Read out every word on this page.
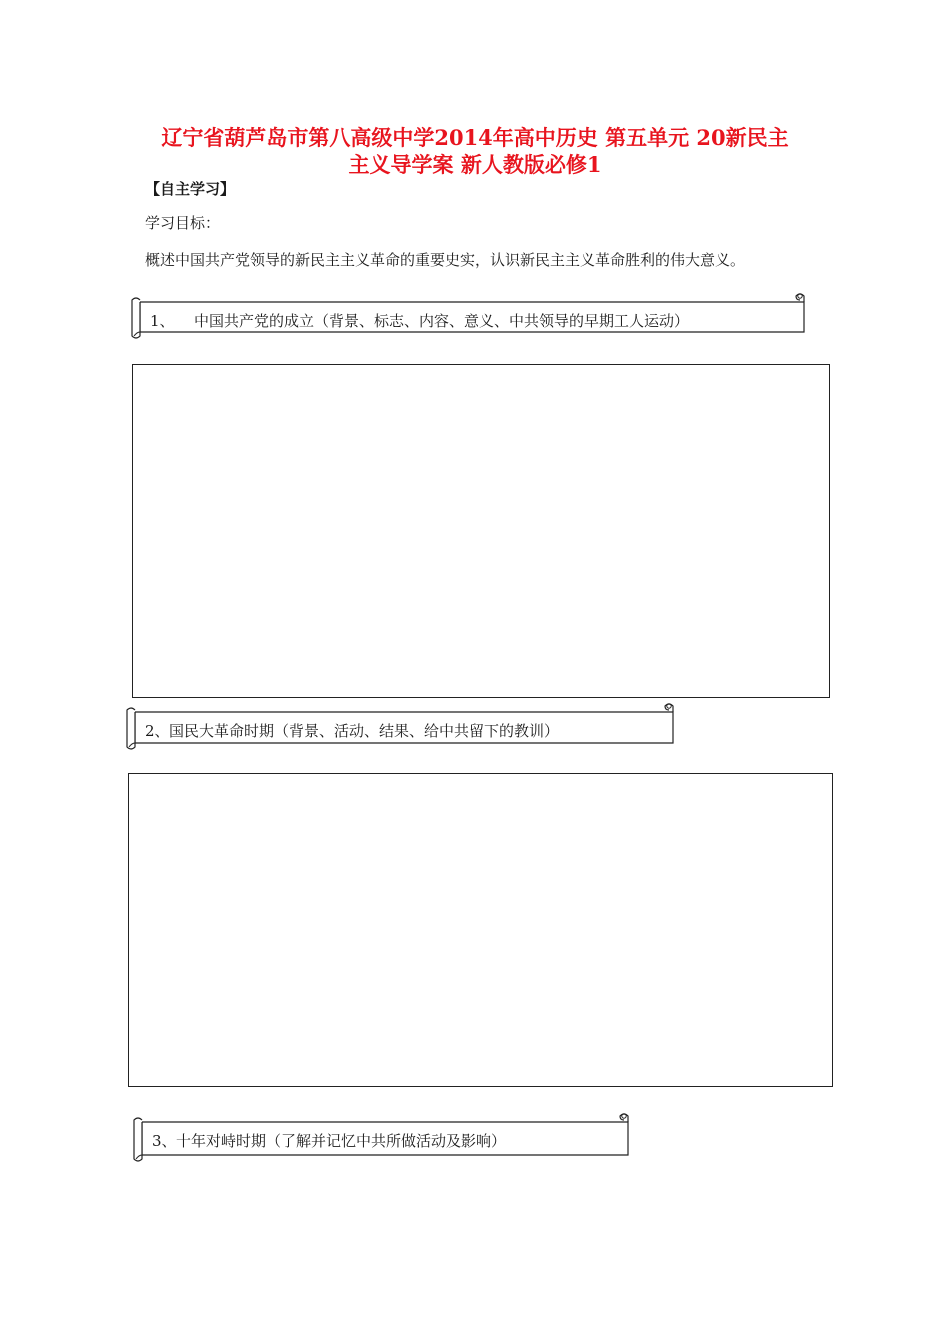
辽宁省葫芦岛市第八高级中学2014年高中历史 第五单元 20新民主
主义导学案 新人教版必修1
【自主学习】
学习目标：
概述中国共产党领导的新民主主义革命的重要史实，认识新民主主义革命胜利的伟大意义。
1、 中国共产党的成立（背景、标志、内容、意义、中共领导的早期工人运动）
2、 国民大革命时期（背景、活动、结果、给中共留下的教训）
3、 十年对峙时期（了解并记忆中共所做活动及影响）
